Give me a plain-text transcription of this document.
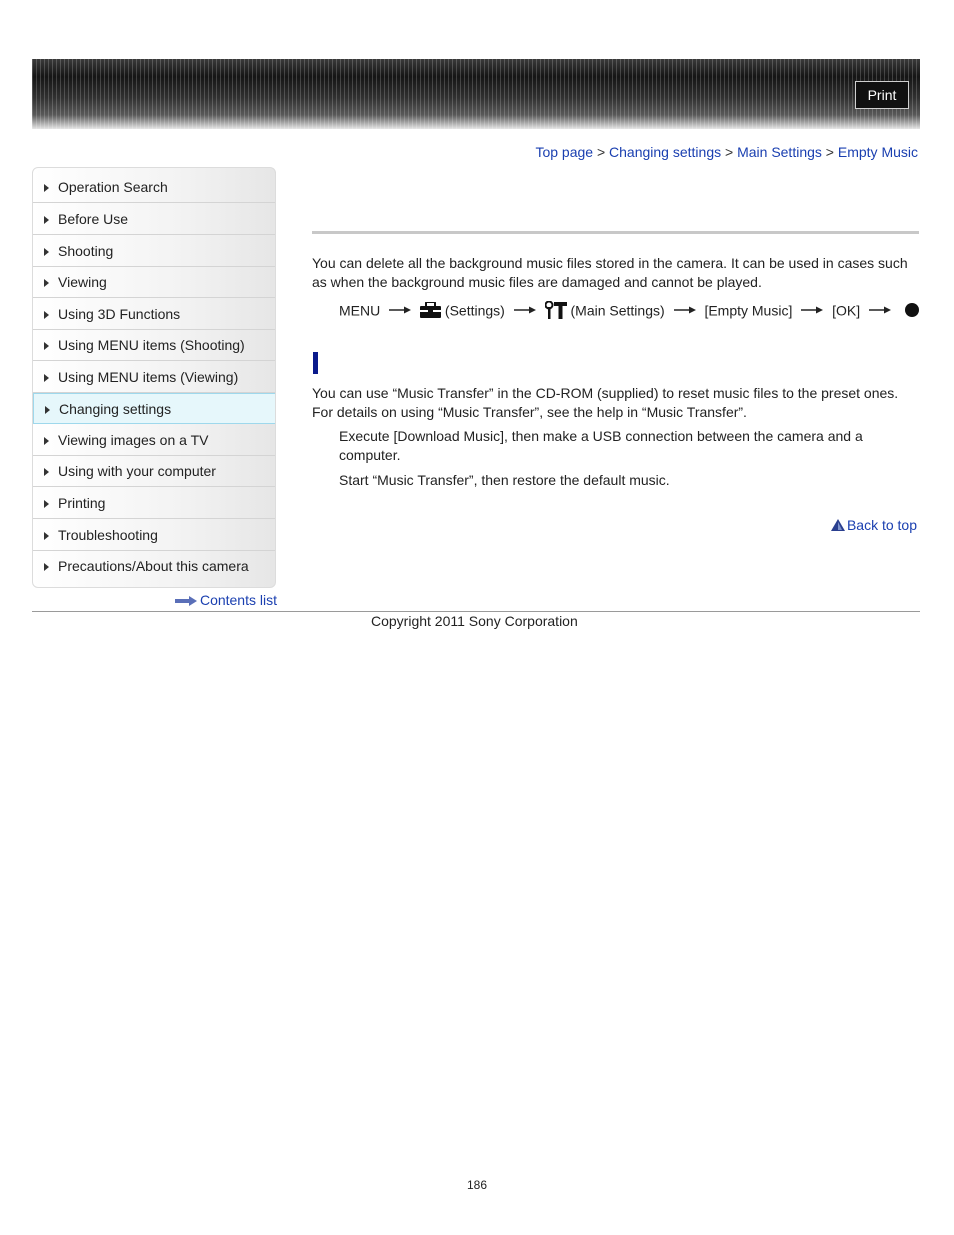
Print
Top page > Changing settings > Main Settings > Empty Music
Operation Search
Before Use
Shooting
Viewing
Using 3D Functions
Using MENU items (Shooting)
Using MENU items (Viewing)
Changing settings
Viewing images on a TV
Using with your computer
Printing
Troubleshooting
Precautions/About this camera
Contents list
You can delete all the background music files stored in the camera. It can be used in cases such as when the background music files are damaged and cannot be played.
MENU	(Settings)	(Main Settings)	[Empty Music]	[OK]
You can use “Music Transfer” in the CD-ROM (supplied) to reset music files to the preset ones. For details on using “Music Transfer”, see the help in “Music Transfer”.
Execute [Download Music], then make a USB connection between the camera and a computer.
Start “Music Transfer”, then restore the default music.
Back to top
Copyright 2011 Sony Corporation
186
